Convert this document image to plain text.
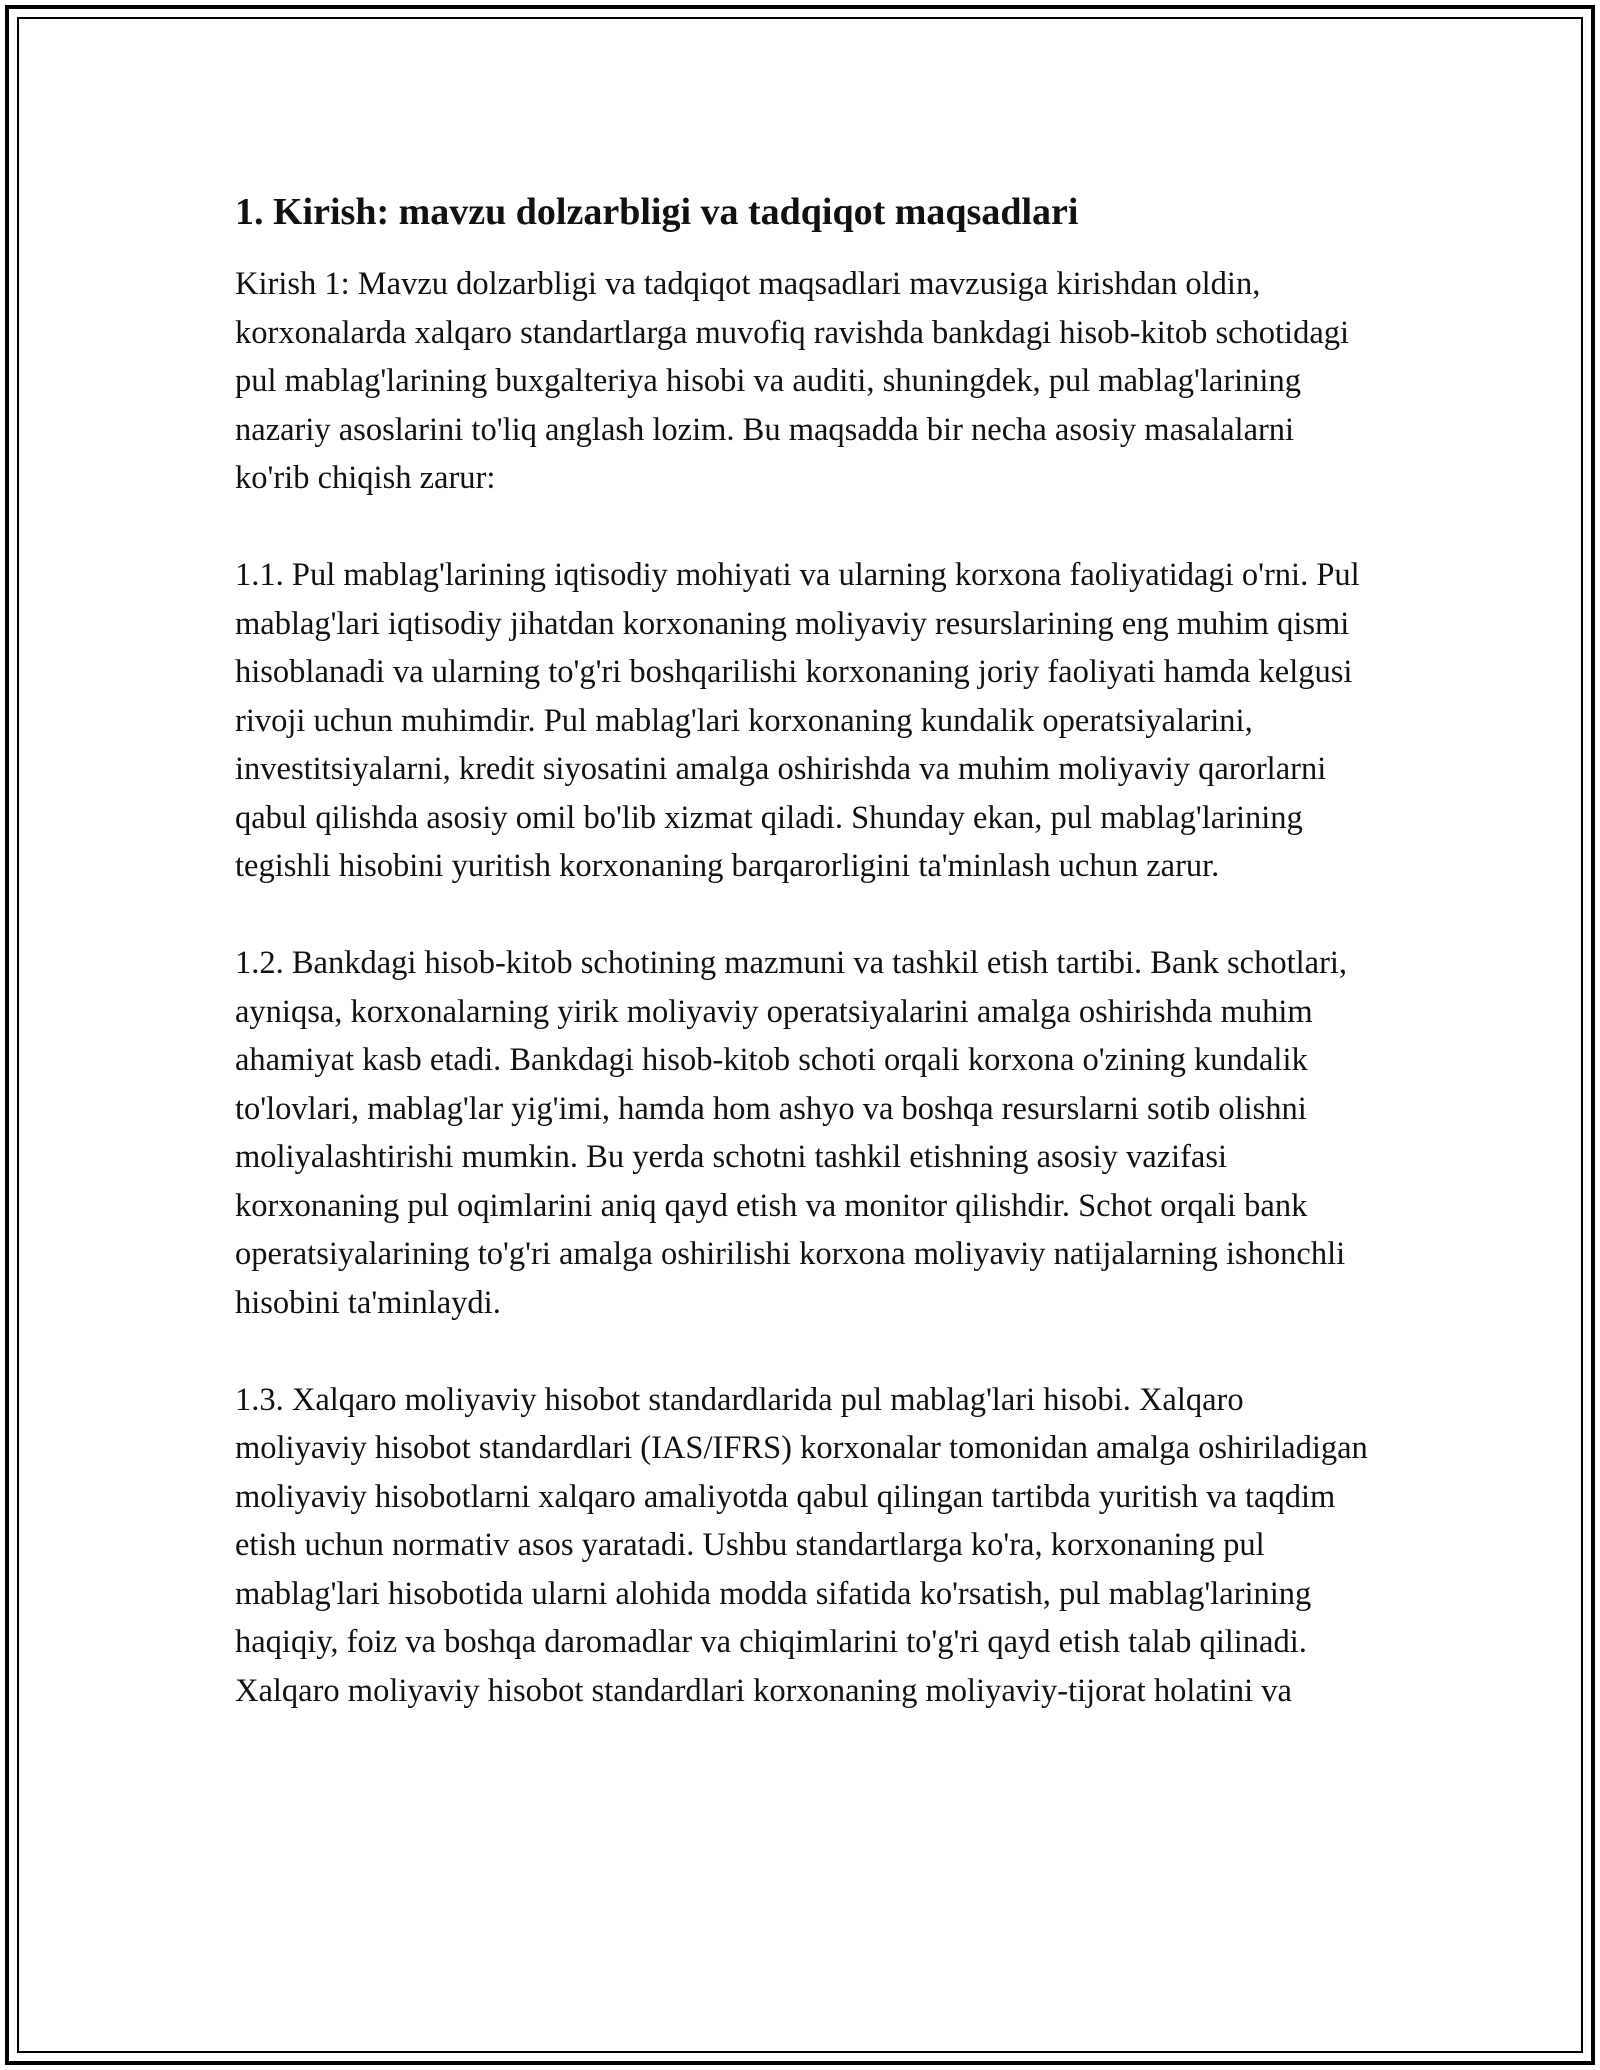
1. Kirish: mavzu dolzarbligi va tadqiqot maqsadlari

Kirish 1: Mavzu dolzarbligi va tadqiqot maqsadlari mavzusiga kirishdan oldin, korxonalarda xalqaro standartlarga muvofiq ravishda bankdagi hisob-kitob schotidagi pul mablag'larining buxgalteriya hisobi va auditi, shuningdek, pul mablag'larining nazariy asoslarini to'liq anglash lozim. Bu maqsadda bir necha asosiy masalalarni ko'rib chiqish zarur:

1.1. Pul mablag'larining iqtisodiy mohiyati va ularning korxona faoliyatidagi o'rni. Pul mablag'lari iqtisodiy jihatdan korxonaning moliyaviy resurslarining eng muhim qismi hisoblanadi va ularning to'g'ri boshqarilishi korxonaning joriy faoliyati hamda kelgusi rivoji uchun muhimdir. Pul mablag'lari korxonaning kundalik operatsiyalarini, investitsiyalarni, kredit siyosatini amalga oshirishda va muhim moliyaviy qarorlarni qabul qilishda asosiy omil bo'lib xizmat qiladi. Shunday ekan, pul mablag'larining tegishli hisobini yuritish korxonaning barqarorligini ta'minlash uchun zarur.

1.2. Bankdagi hisob-kitob schotining mazmuni va tashkil etish tartibi. Bank schotlari, ayniqsa, korxonalarning yirik moliyaviy operatsiyalarini amalga oshirishda muhim ahamiyat kasb etadi. Bankdagi hisob-kitob schoti orqali korxona o'zining kundalik to'lovlari, mablag'lar yig'imi, hamda hom ashyo va boshqa resurslarni sotib olishni moliyalashtirishi mumkin. Bu yerda schotni tashkil etishning asosiy vazifasi korxonaning pul oqimlarini aniq qayd etish va monitor qilishdir. Schot orqali bank operatsiyalarining to'g'ri amalga oshirilishi korxona moliyaviy natijalarning ishonchli hisobini ta'minlaydi.

1.3. Xalqaro moliyaviy hisobot standardlarida pul mablag'lari hisobi. Xalqaro moliyaviy hisobot standardlari (IAS/IFRS) korxonalar tomonidan amalga oshiriladigan moliyaviy hisobotlarni xalqaro amaliyotda qabul qilingan tartibda yuritish va taqdim etish uchun normativ asos yaratadi. Ushbu standartlarga ko'ra, korxonaning pul mablag'lari hisobotida ularni alohida modda sifatida ko'rsatish, pul mablag'larining haqiqiy, foiz va boshqa daromadlar va chiqimlarini to'g'ri qayd etish talab qilinadi. Xalqaro moliyaviy hisobot standardlari korxonaning moliyaviy-tijorat holatini va
